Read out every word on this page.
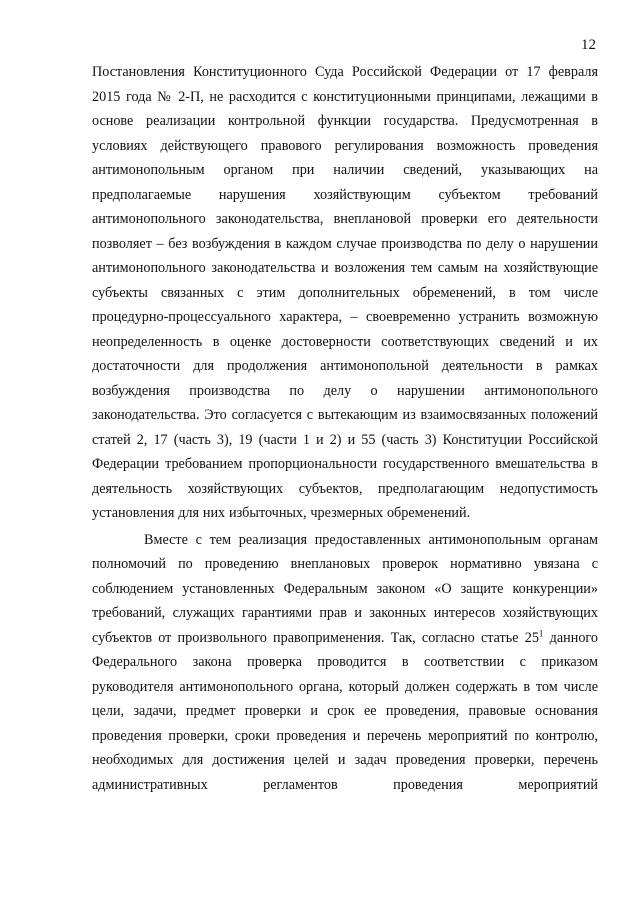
12

Постановления Конституционного Суда Российской Федерации от 17 февраля 2015 года № 2-П, не расходится с конституционными принципами, лежащими в основе реализации контрольной функции государства. Предусмотренная в условиях действующего правового регулирования возможность проведения антимонопольным органом при наличии сведений, указывающих на предполагаемые нарушения хозяйствующим субъектом требований антимонопольного законодательства, внеплановой проверки его деятельности позволяет – без возбуждения в каждом случае производства по делу о нарушении антимонопольного законодательства и возложения тем самым на хозяйствующие субъекты связанных с этим дополнительных обременений, в том числе процедурно-процессуального характера, – своевременно устранить возможную неопределенность в оценке достоверности соответствующих сведений и их достаточности для продолжения антимонопольной деятельности в рамках возбуждения производства по делу о нарушении антимонопольного законодательства. Это согласуется с вытекающим из взаимосвязанных положений статей 2, 17 (часть 3), 19 (части 1 и 2) и 55 (часть 3) Конституции Российской Федерации требованием пропорциональности государственного вмешательства в деятельность хозяйствующих субъектов, предполагающим недопустимость установления для них избыточных, чрезмерных обременений.

Вместе с тем реализация предоставленных антимонопольным органам полномочий по проведению внеплановых проверок нормативно увязана с соблюдением установленных Федеральным законом «О защите конкуренции» требований, служащих гарантиями прав и законных интересов хозяйствующих субъектов от произвольного правоприменения. Так, согласно статье $25^1$ данного Федерального закона проверка проводится в соответствии с приказом руководителя антимонопольного органа, который должен содержать в том числе цели, задачи, предмет проверки и срок ее проведения, правовые основания проведения проверки, сроки проведения и перечень мероприятий по контролю, необходимых для достижения целей и задач проведения проверки, перечень административных регламентов проведения мероприятий
